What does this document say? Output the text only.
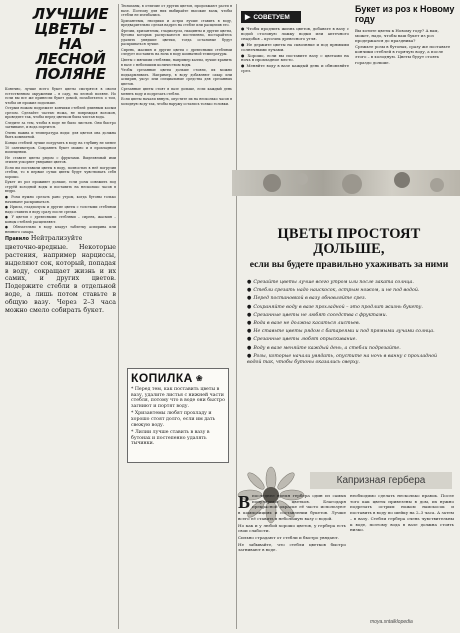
ЛУЧШИЕ
ЦВЕТЫ –
НА ЛЕСНОЙ
ПОЛЯНЕ

Конечно, лучше всего букет цветы смотрятся в своем естественном окружении – в саду, на лесной поляне. Но если вы все же принесли букет домой, позаботьтесь о том, чтобы он прожил подольше.

Острым ножом подрежьте кончики стеблей длинным косым срезом. Сделайте частью ножа, не повреждая волокон, проведите так, чтобы перед цветком была чистая вода.

Следите за тем, чтобы в воде не было листьев. Они быстро загнивают, и вода портится.

Очень важна и температура воды: для цветов она должна быть комнатной.

Концы стеблей лучше погрузить в воду на глубину не менее 10 сантиметров. Сохранять букет можно и в прохладном помещении.

Не ставьте цветы рядом с фруктами. Выделяемый ими этилен ускоряет увядание цветов.

Если вы поставили цветы в воду, полностью в неё погрузив стебли, то в первые сутки цветы будут чувствовать себя хорошо.

Букет из роз проживет дольше, если розы освежить под струёй холодной воды и поставить на несколько часов в ведро.

● Розы нужно срезать рано утром, когда бутоны только начинают раскрываться.
● Ирисы, гладиолусы и другие цветы с толстыми стеблями надо ставить в воду сразу после срезки.
● У цветов с древесными стеблями – сирень, жасмин – концы стеблей расщепляют.
● Обязательно в воду кладут таблетку аспирина или немного сахара.

Правило Нейтрализуйте цветочно-вредные. Некоторые растения, например нарциссы, выделяют сок, который, попадая в воду, сокращает жизнь и их самих, и других цветов. Подержите стебли в отдельной воде, а лишь потом ставьте в общую вазу. Через 2–3 часа можно смело собирать букет.

Тюльпаны, в отличие от других цветов, продолжают расти в вазе. Поэтому для них выбирайте высокие вазы, чтобы стебли не изгибались.

Хризантемы, гвоздики и астры лучше ставить в воду, предварительно сделав надрез на стебле или расщепив его.

Фрезии, хризантемы, гладиолусы, гиацинты и другие цветы, бутоны которых распускаются постепенно, постарайтесь удалить увядшие цветки, тогда остальные будут раскрываться лучше.

Сирень, жасмин и другие цветы с древесными стеблями следует поставить на ночь в воду комнатной температуры.

Цветы с мягкими стеблями, например каллы, лучше хранить в вазе с небольшим количеством воды.

Чтобы срезанные цветы дольше стояли, их можно подкармливать. Например, в воду добавляют сахар или аспирин, уксус или специальные средства для срезанных цветов.

Срезанные цветы стоят в вазе дольше, если каждый день менять воду и подрезать стебли.

Если цветы начали вянуть, опустите их на несколько часов в холодную воду так, чтобы наружу остались только головки.

КОПИЛКА ❀

* Перед тем, как поставить цветы в вазу, удалите листья с нижней части стебля, потому что в воде они быстро загниют и портят воду.

* Хризантемы любят прохладу и хорошо стоят долго, если им дать свежую воду.

* Лилии лучше ставить в вазу в бутонах и постепенно удалять тычинки.

▶ СОВЕТУЕМ

● Чтобы продлить жизнь цветов, добавьте в вазу с водой столовую ложку водки или аптечного снадобья – кусочек древесного угля.

● Не держите цветы на сквозняке и под прямыми солнечными лучами.

● Хорошо, если вы поставите вазу с цветами на ночь в прохладное место.

● Меняйте воду в вазе каждый день и обновляйте срез.

Букет из роз к Новому году

Вы хотите цветы к Новому году? А вам, может, надо, чтобы ваш букет из роз продержался до праздника?

Срежьте розы в бутонах, сразу же поставьте кончики стеблей в горячую воду, а после этого – в холодную. Цветы будут стоять гораздо дольше.

ЦВЕТЫ ПРОСТОЯТ ДОЛЬШЕ,
если вы будете правильно ухаживать за ними
● Срезайте цветы лучше всего утром или после заката солнца.
● Стебли срезать надо наискосок, острым ножом, и не под водой.
● Перед постановкой в вазу обновляйте срез.
● Сохраняйте воду в вазе прохладной – это продлит жизнь букету.
● Срезанные цветы не любят соседства с фруктами.
● Вода в вазе не должна касаться листьев.
● Не ставьте цветы рядом с батареями и под прямыми лучами солнца.
● Срезанные цветы любят опрыскивание.
● Воду в вазе меняйте каждый день, а стебли подрезайте.
● Розы, которые начали увядать, опустите на ночь в ванну с прохладной водой так, чтобы бутоны оказались сверху.
Капризная гербера

Впоследнее время гербера один из самых популярных цветков. Благодаря прекрасной окраске её часто используют в композициях и составлении букетов. Лучше всего её ставить в небольшую вазу с водой.

Но как и у любой хорошо цветов, у гербера есть свои слабости.

Сильно страдают от стебли и быстро увядают.

Не забывайте, что стебли цветков быстро загнивают в воде.

необходимо сделать несколько правок. После того как цветы привезены в дом, их нужно подрезать острым ножом наискосок и поставить в воду по шейку на 2–3 часа. А затем – в вазу. Стебли гербера очень чувствительны к воде, поэтому вода в вазе должна стоять низко.

moya.sntalklopedia
